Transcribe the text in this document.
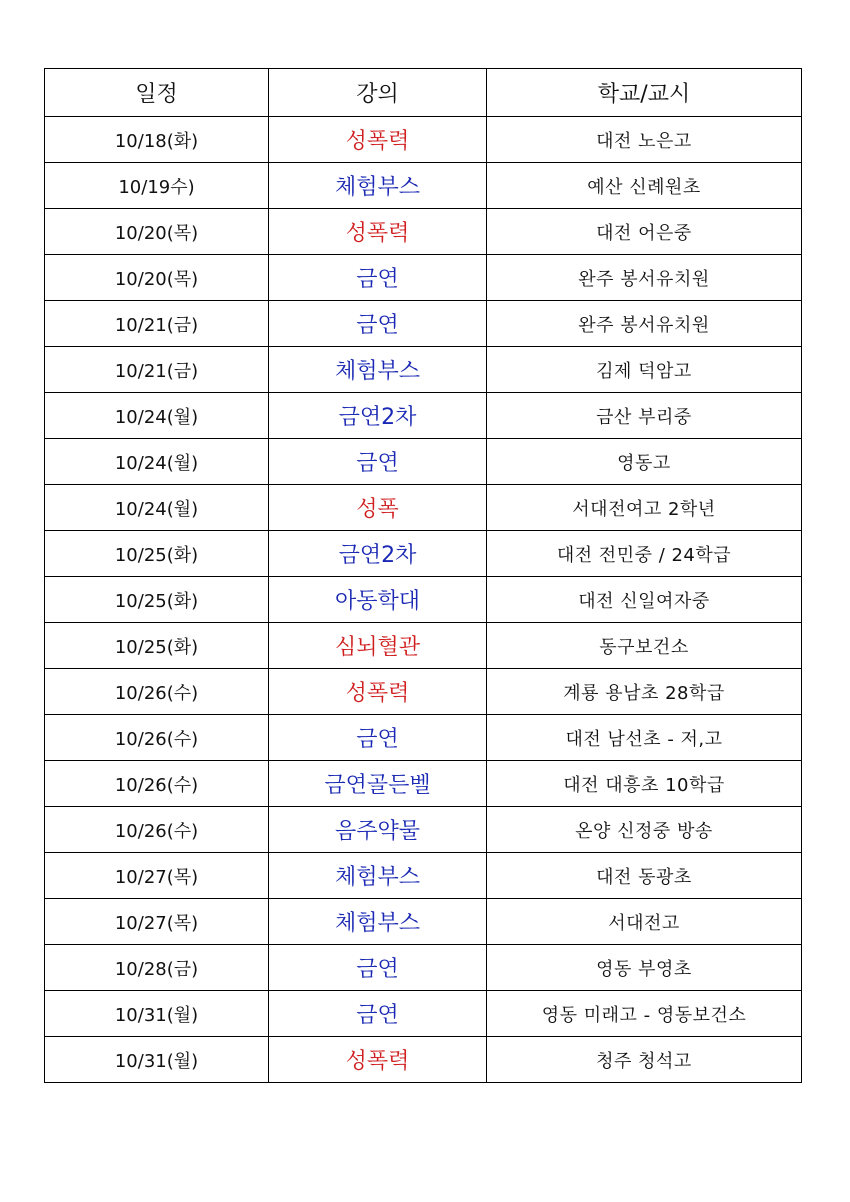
일정	강의	학교/교시
10/18(화)	성폭력	대전 노은고
10/19수)	체험부스	예산 신례원초
10/20(목)	성폭력	대전 어은중
10/20(목)	금연	완주 봉서유치원
10/21(금)	금연	완주 봉서유치원
10/21(금)	체험부스	김제 덕암고
10/24(월)	금연2차	금산 부리중
10/24(월)	금연	영동고
10/24(월)	성폭	서대전여고 2학년
10/25(화)	금연2차	대전 전민중 / 24학급
10/25(화)	아동학대	대전 신일여자중
10/25(화)	심뇌혈관	동구보건소
10/26(수)	성폭력	계룡 용남초 28학급
10/26(수)	금연	대전 남선초 - 저,고
10/26(수)	금연골든벨	대전 대흥초 10학급
10/26(수)	음주약물	온양 신정중 방송
10/27(목)	체험부스	대전 동광초
10/27(목)	체험부스	서대전고
10/28(금)	금연	영동 부영초
10/31(월)	금연	영동 미래고 - 영동보건소
10/31(월)	성폭력	청주 청석고
